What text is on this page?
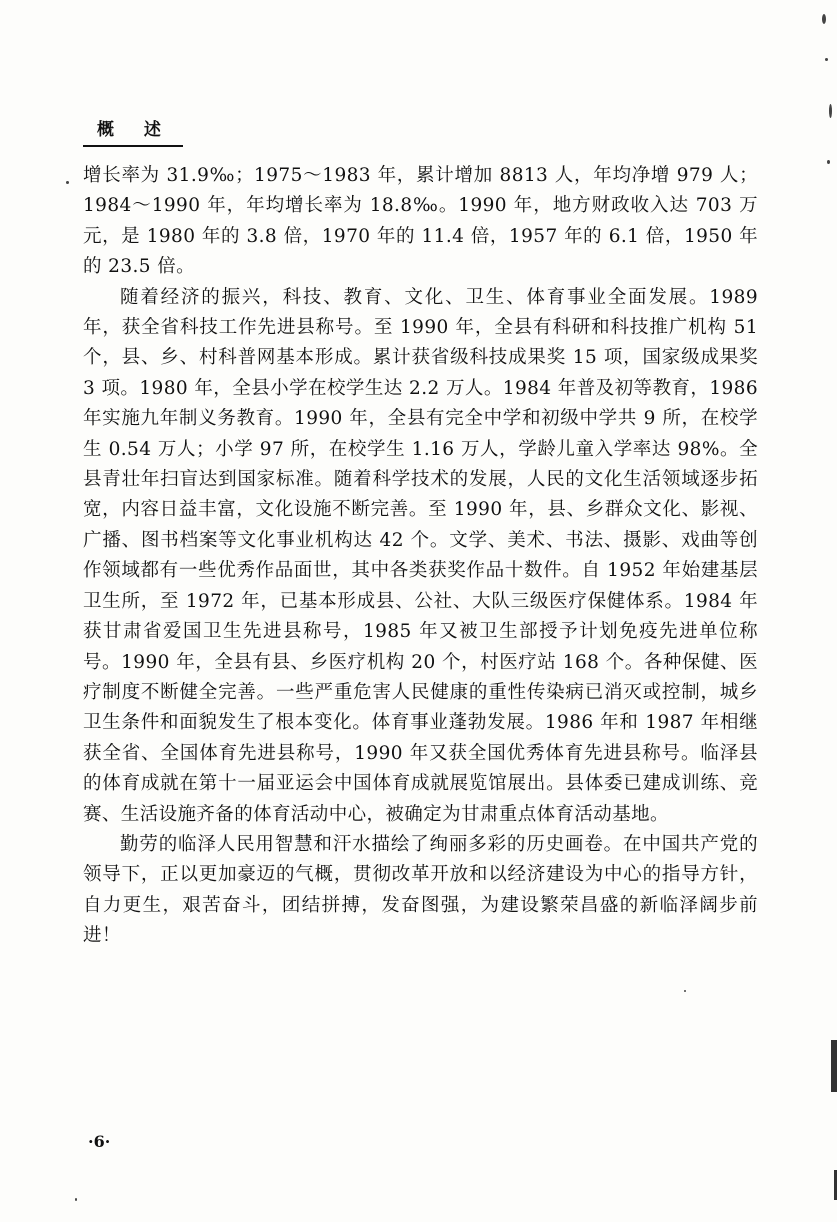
概 述

增长率为 31.9‰；1975～1983 年，累计增加 8813 人，年均净增 979 人；1984～1990 年，年均增长率为 18.8‰。1990 年，地方财政收入达 703 万元，是 1980 年的 3.8 倍，1970 年的 11.4 倍，1957 年的 6.1 倍，1950 年的 23.5 倍。

随着经济的振兴，科技、教育、文化、卫生、体育事业全面发展。1989 年，获全省科技工作先进县称号。至 1990 年，全县有科研和科技推广机构 51 个，县、乡、村科普网基本形成。累计获省级科技成果奖 15 项，国家级成果奖 3 项。1980 年，全县小学在校学生达 2.2 万人。1984 年普及初等教育，1986 年实施九年制义务教育。1990 年，全县有完全中学和初级中学共 9 所，在校学生 0.54 万人；小学 97 所，在校学生 1.16 万人，学龄儿童入学率达 98%。全县青壮年扫盲达到国家标准。随着科学技术的发展，人民的文化生活领域逐步拓宽，内容日益丰富，文化设施不断完善。至 1990 年，县、乡群众文化、影视、广播、图书档案等文化事业机构达 42 个。文学、美术、书法、摄影、戏曲等创作领域都有一些优秀作品面世，其中各类获奖作品十数件。自 1952 年始建基层卫生所，至 1972 年，已基本形成县、公社、大队三级医疗保健体系。1984 年获甘肃省爱国卫生先进县称号，1985 年又被卫生部授予计划免疫先进单位称号。1990 年，全县有县、乡医疗机构 20 个，村医疗站 168 个。各种保健、医疗制度不断健全完善。一些严重危害人民健康的重性传染病已消灭或控制，城乡卫生条件和面貌发生了根本变化。体育事业蓬勃发展。1986 年和 1987 年相继获全省、全国体育先进县称号，1990 年又获全国优秀体育先进县称号。临泽县的体育成就在第十一届亚运会中国体育成就展览馆展出。县体委已建成训练、竞赛、生活设施齐备的体育活动中心，被确定为甘肃重点体育活动基地。

勤劳的临泽人民用智慧和汗水描绘了绚丽多彩的历史画卷。在中国共产党的领导下，正以更加豪迈的气概，贯彻改革开放和以经济建设为中心的指导方针，自力更生，艰苦奋斗，团结拼搏，发奋图强，为建设繁荣昌盛的新临泽阔步前进！

·6·
